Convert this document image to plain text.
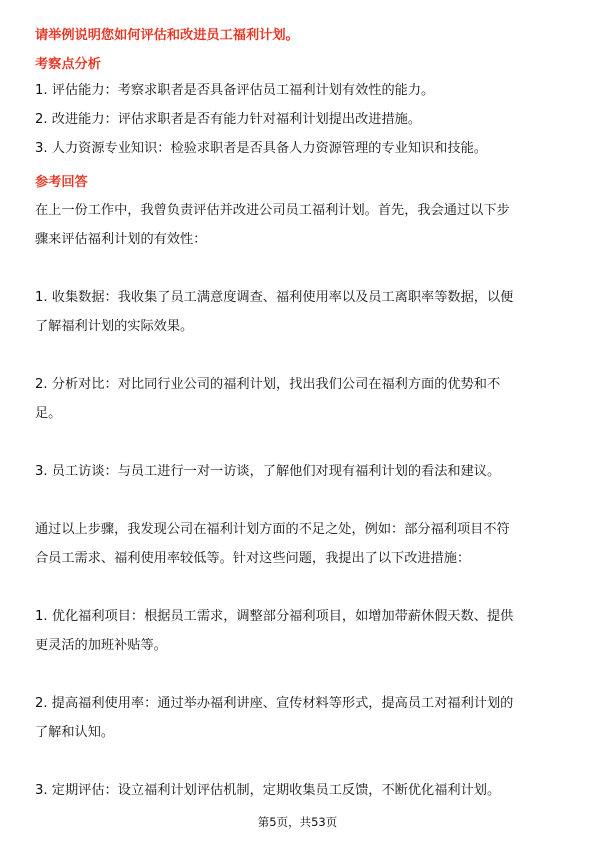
请举例说明您如何评估和改进员工福利计划。
考察点分析
1. 评估能力：考察求职者是否具备评估员工福利计划有效性的能力。
2. 改进能力：评估求职者是否有能力针对福利计划提出改进措施。
3. 人力资源专业知识：检验求职者是否具备人力资源管理的专业知识和技能。
参考回答
在上一份工作中，我曾负责评估并改进公司员工福利计划。首先，我会通过以下步
骤来评估福利计划的有效性：
1. 收集数据：我收集了员工满意度调查、福利使用率以及员工离职率等数据，以便
了解福利计划的实际效果。
2. 分析对比：对比同行业公司的福利计划，找出我们公司在福利方面的优势和不
足。
3. 员工访谈：与员工进行一对一访谈，了解他们对现有福利计划的看法和建议。
通过以上步骤，我发现公司在福利计划方面的不足之处，例如：部分福利项目不符
合员工需求、福利使用率较低等。针对这些问题，我提出了以下改进措施：
1. 优化福利项目：根据员工需求，调整部分福利项目，如增加带薪休假天数、提供
更灵活的加班补贴等。
2. 提高福利使用率：通过举办福利讲座、宣传材料等形式，提高员工对福利计划的
了解和认知。
3. 定期评估：设立福利计划评估机制，定期收集员工反馈，不断优化福利计划。
第5页，共53页
